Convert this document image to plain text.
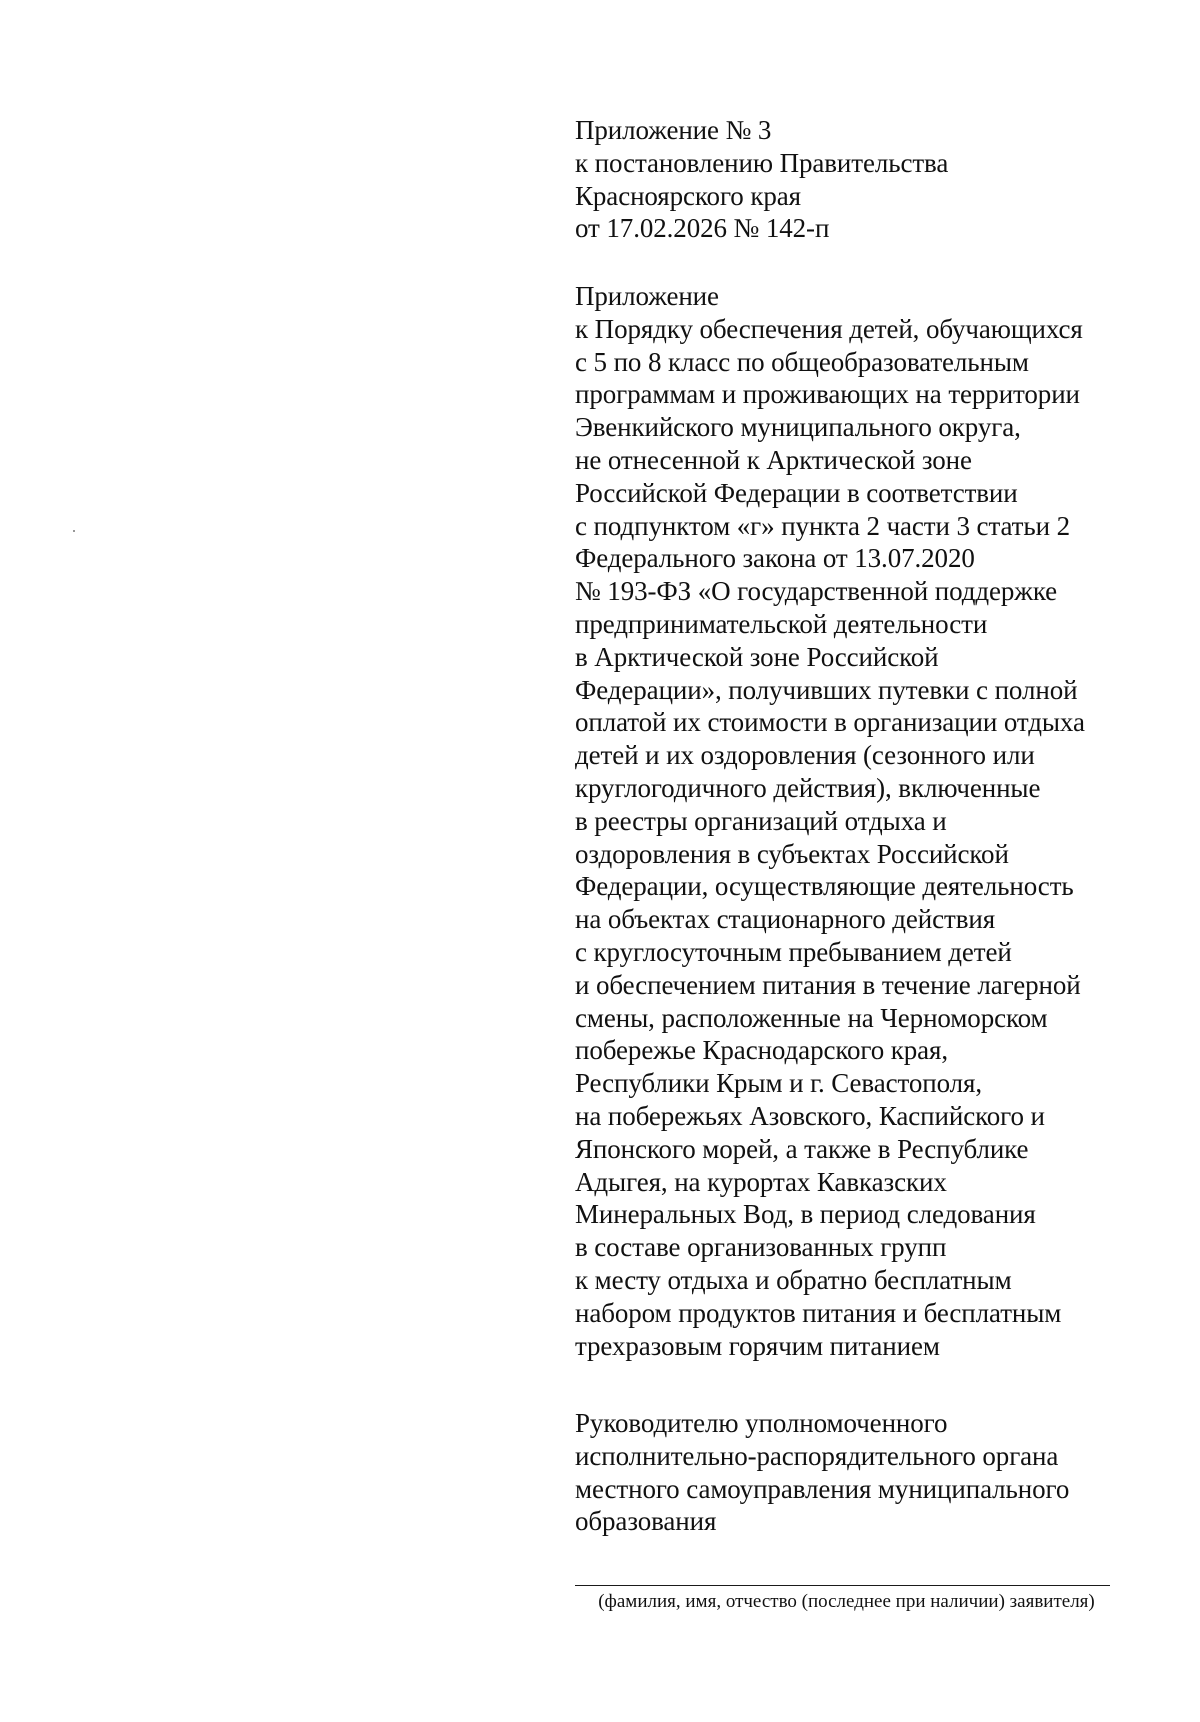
Приложение № 3
к постановлению Правительства
Красноярского края
от 17.02.2026 № 142-п
Приложение
к Порядку обеспечения детей, обучающихся
с 5 по 8 класс по общеобразовательным
программам и проживающих на территории
Эвенкийского муниципального округа,
не отнесенной к Арктической зоне
Российской Федерации в соответствии
с подпунктом «г» пункта 2 части 3 статьи 2
Федерального закона от 13.07.2020
№ 193-ФЗ «О государственной поддержке
предпринимательской деятельности
в Арктической зоне Российской
Федерации», получивших путевки с полной
оплатой их стоимости в организации отдыха
детей и их оздоровления (сезонного или
круглогодичного действия), включенные
в реестры организаций отдыха и
оздоровления в субъектах Российской
Федерации, осуществляющие деятельность
на объектах стационарного действия
с круглосуточным пребыванием детей
и обеспечением питания в течение лагерной
смены, расположенные на Черноморском
побережье Краснодарского края,
Республики Крым и г. Севастополя,
на побережьях Азовского, Каспийского и
Японского морей, а также в Республике
Адыгея, на курортах Кавказских
Минеральных Вод, в период следования
в составе организованных групп
к месту отдыха и обратно бесплатным
набором продуктов питания и бесплатным
трехразовым горячим питанием
Руководителю уполномоченного
исполнительно-распорядительного органа
местного самоуправления муниципального
образования
(фамилия, имя, отчество (последнее при наличии) заявителя)
